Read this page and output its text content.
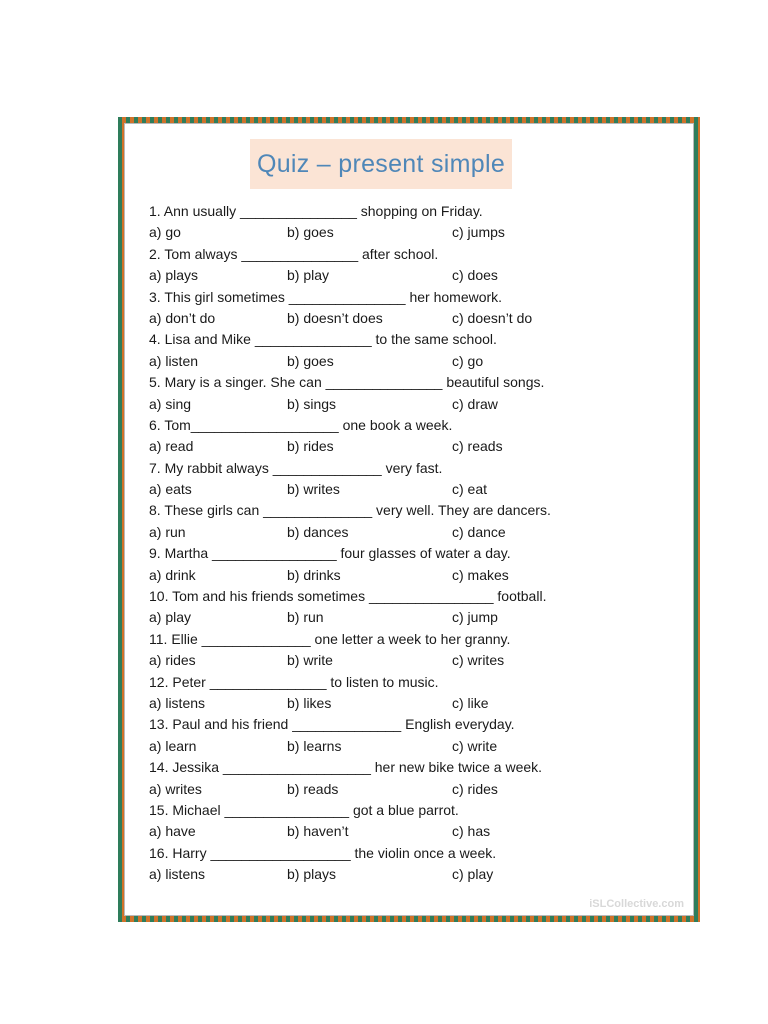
Quiz – present simple
1. Ann usually _______________ shopping on Friday.
a) go	b) goes	c) jumps
2. Tom always _______________ after school.
a) plays	b) play	c) does
3. This girl sometimes _______________ her homework.
a) don’t do	b) doesn’t does	c) doesn’t do
4. Lisa and Mike _______________ to the same school.
a) listen	b) goes	c) go
5. Mary is a singer. She can _______________ beautiful songs.
a) sing	b) sings	c) draw
6. Tom___________________ one book a week.
a) read	b) rides	c) reads
7. My rabbit always ______________ very fast.
a) eats	b) writes	c) eat
8. These girls can ______________ very well. They are dancers.
a) run	b) dances	c) dance
9. Martha ________________ four glasses of water a day.
a) drink	b) drinks	c) makes
10. Tom and his friends sometimes ________________ football.
a) play	b) run	c) jump
11. Ellie ______________ one letter a week to her granny.
a) rides	b) write	c) writes
12. Peter _______________ to listen to music.
a) listens	b) likes	c) like
13. Paul and his friend ______________ English everyday.
a) learn	b) learns	c) write
14. Jessika ___________________ her new bike twice a week.
a) writes	b) reads	c) rides
15. Michael ________________ got a blue parrot.
a) have	b) haven’t	c) has
16. Harry __________________ the violin once a week.
a) listens	b) plays	c) play
iSLCollective.com
